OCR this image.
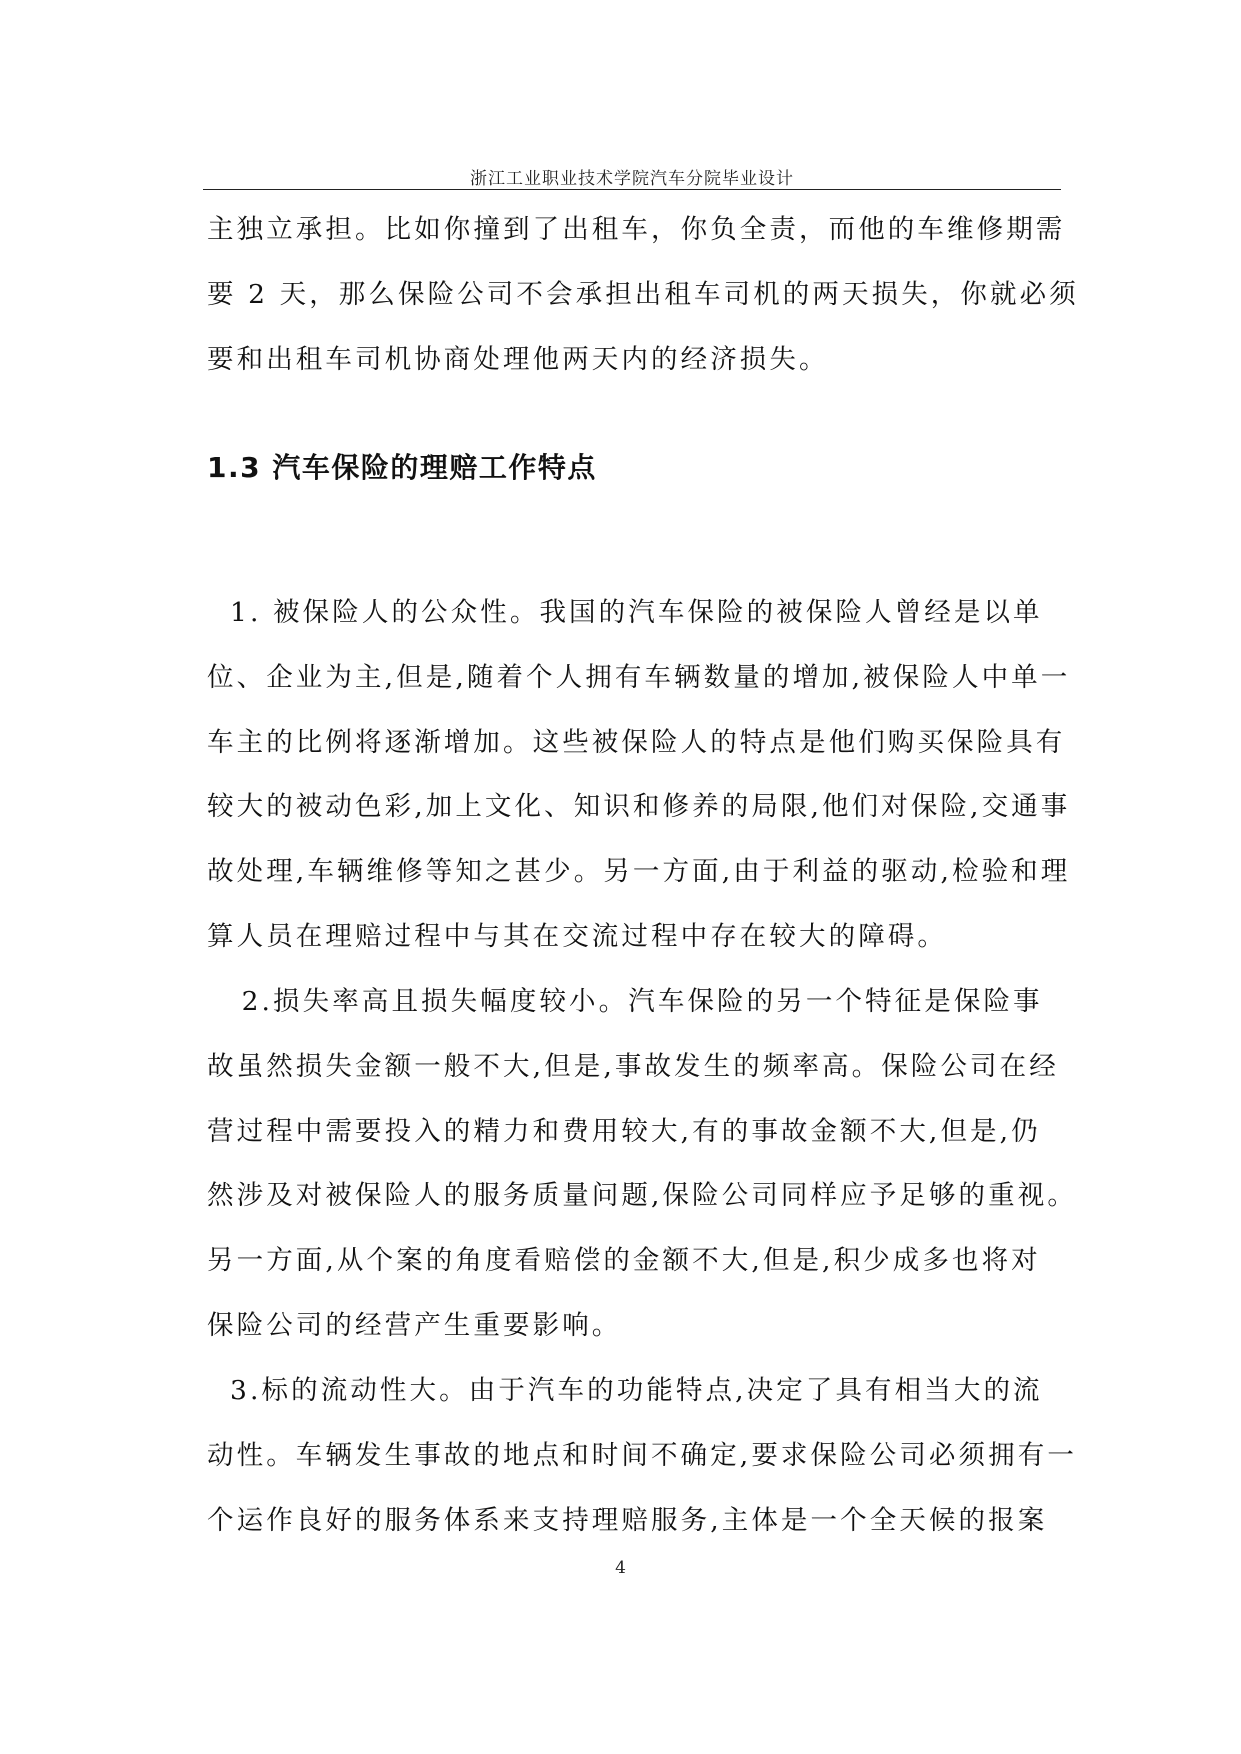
浙江工业职业技术学院汽车分院毕业设计

主独立承担。比如你撞到了出租车，你负全责，而他的车维修期需
要 2 天，那么保险公司不会承担出租车司机的两天损失，你就必须
要和出租车司机协商处理他两天内的经济损失。

1.3 汽车保险的理赔工作特点

1. 被保险人的公众性。我国的汽车保险的被保险人曾经是以单
位、企业为主,但是,随着个人拥有车辆数量的增加,被保险人中单一
车主的比例将逐渐增加。这些被保险人的特点是他们购买保险具有
较大的被动色彩,加上文化、知识和修养的局限,他们对保险,交通事
故处理,车辆维修等知之甚少。另一方面,由于利益的驱动,检验和理
算人员在理赔过程中与其在交流过程中存在较大的障碍。

2.损失率高且损失幅度较小。汽车保险的另一个特征是保险事
故虽然损失金额一般不大,但是,事故发生的频率高。保险公司在经
营过程中需要投入的精力和费用较大,有的事故金额不大,但是,仍
然涉及对被保险人的服务质量问题,保险公司同样应予足够的重视。
另一方面,从个案的角度看赔偿的金额不大,但是,积少成多也将对
保险公司的经营产生重要影响。

3.标的流动性大。由于汽车的功能特点,决定了具有相当大的流
动性。车辆发生事故的地点和时间不确定,要求保险公司必须拥有一
个运作良好的服务体系来支持理赔服务,主体是一个全天候的报案

4
